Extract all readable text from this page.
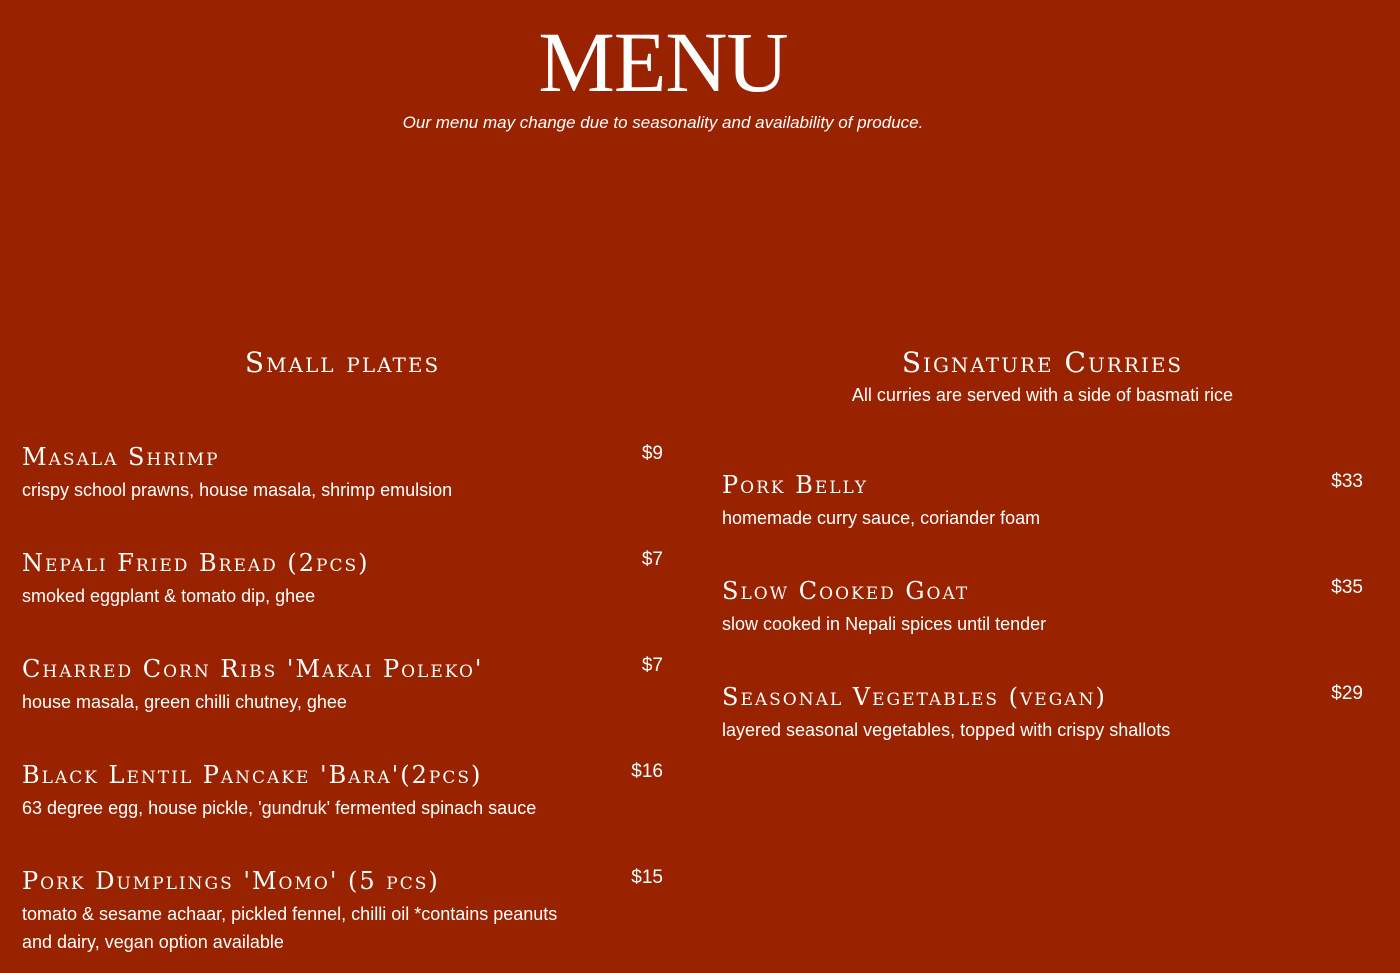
MENU
Our menu may change due to seasonality and availability of produce.
Small plates
Masala Shrimp	$9
crispy school prawns, house masala, shrimp emulsion
Nepali Fried Bread (2pcs)	$7
smoked eggplant & tomato dip, ghee
Charred Corn Ribs 'Makai Poleko'	$7
house masala, green chilli chutney, ghee
Black Lentil Pancake 'Bara'(2pcs)	$16
63 degree egg, house pickle, 'gundruk' fermented spinach sauce
Pork Dumplings 'Momo' (5 pcs)	$15
tomato & sesame achaar, pickled fennel, chilli oil *contains peanuts and dairy, vegan option available
Signature Curries
All curries are served with a side of basmati rice
Pork Belly	$33
homemade curry sauce, coriander foam
Slow Cooked Goat	$35
slow cooked in Nepali spices until tender
Seasonal Vegetables (vegan)	$29
layered seasonal vegetables, topped with crispy shallots
